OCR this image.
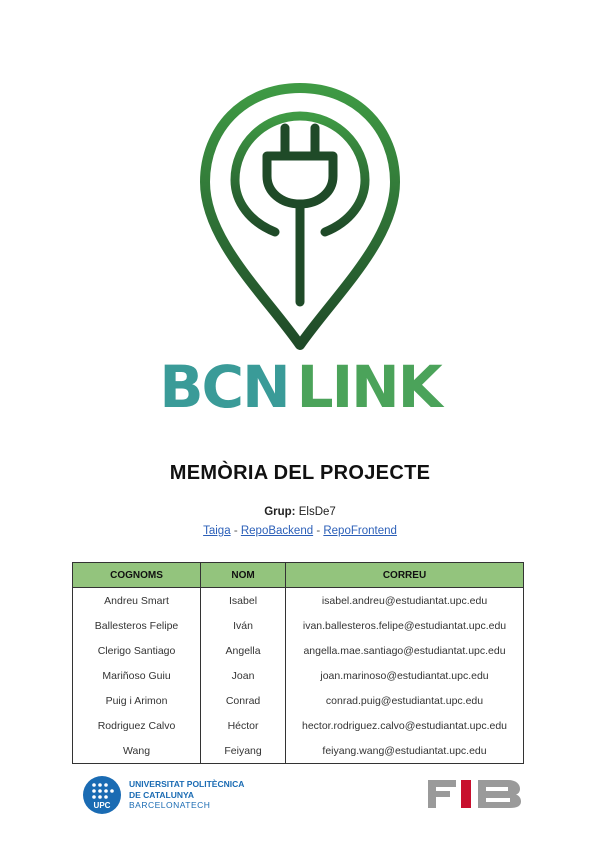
BCN LINK
MEMÒRIA DEL PROJECTE
Grup: ElsDe7
Taiga - RepoBackend - RepoFrontend
COGNOMS	NOM	CORREU
Andreu Smart	Isabel	isabel.andreu@estudiantat.upc.edu
Ballesteros Felipe	Iván	ivan.ballesteros.felipe@estudiantat.upc.edu
Clerigo Santiago	Angella	angella.mae.santiago@estudiantat.upc.edu
Mariñoso Guiu	Joan	joan.marinoso@estudiantat.upc.edu
Puig i Arimon	Conrad	conrad.puig@estudiantat.upc.edu
Rodriguez Calvo	Héctor	hector.rodriguez.calvo@estudiantat.upc.edu
Wang	Feiyang	feiyang.wang@estudiantat.upc.edu
UPC
UNIVERSITAT POLITÈCNICA
DE CATALUNYA
BARCELONATECH
FIB
